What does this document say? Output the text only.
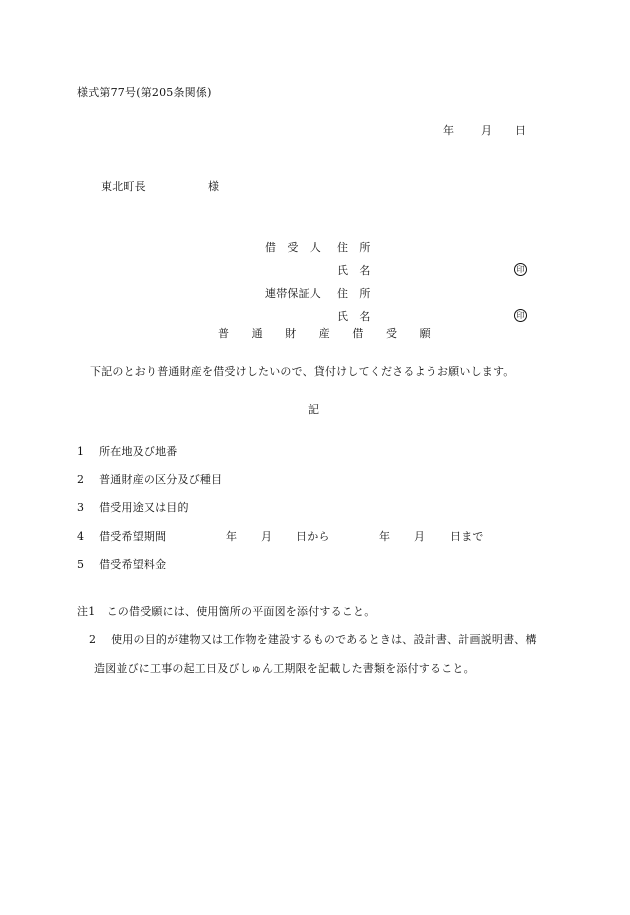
様式第77号(第205条関係)
年 月 日
東北町長	様
借　受　人 住　所
氏　名	印
連帯保証人 住　所
氏　名	印
普　　通　　財　　産　　借　　受　　願
下記のとおり普通財産を借受けしたいので、貸付けしてくださるようお願いします。
記
1　 所在地及び地番
2　 普通財産の区分及び種目
3　 借受用途又は目的
4　 借受希望期間
5　 借受希望料金
年 月 日から	年 月 日まで
注1　この借受願には、使用箇所の平面図を添付すること。
2　 使用の目的が建物又は工作物を建設するものであるときは、設計書、計画説明書、構
造図並びに工事の起工日及びしゅん工期限を記載した書類を添付すること。
